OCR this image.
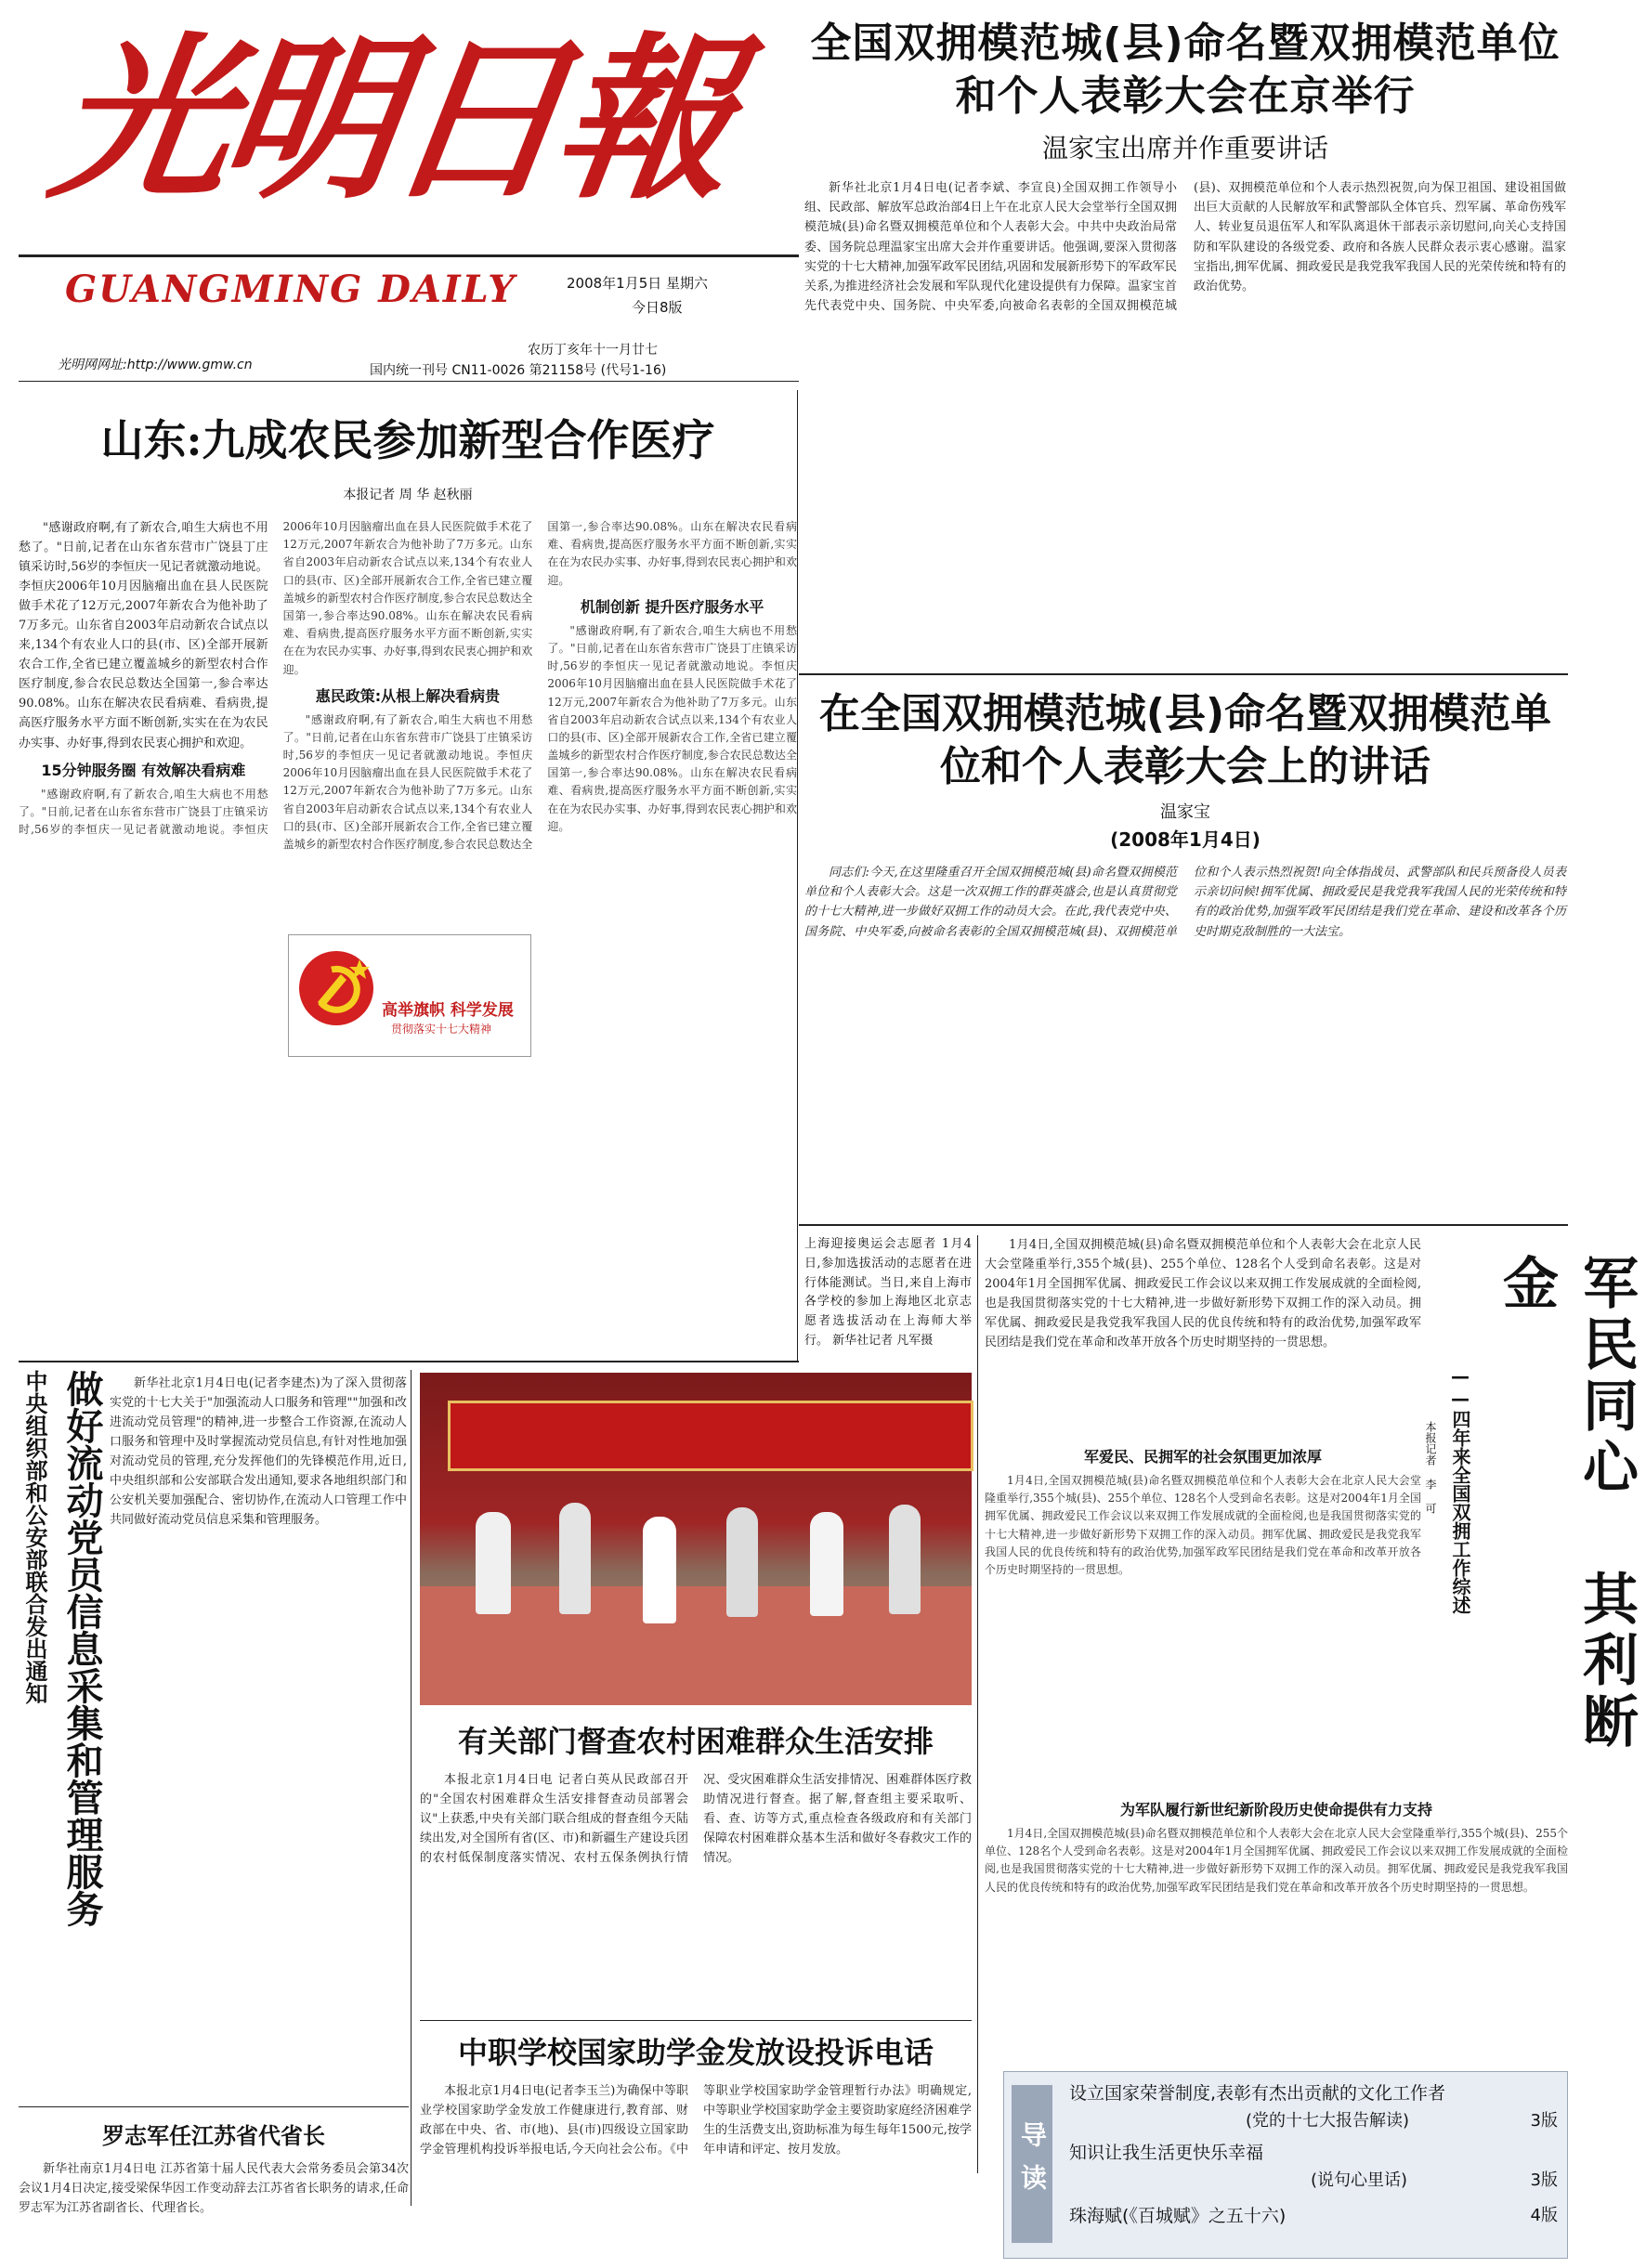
光明日報
GUANGMING DAILY	2008年1月5日 星期六
今日8版
光明网网址:http://www.gmw.cn
农历丁亥年十一月廿七
国内统一刊号 CN11-0026 第21158号 (代号1-16)
全国双拥模范城(县)命名暨双拥模范单位和个人表彰大会在京举行
温家宝出席并作重要讲话
新华社北京1月4日电(记者李斌、李宣良)全国双拥工作领导小组、民政部、解放军总政治部4日上午在北京人民大会堂举行全国双拥模范城(县)命名暨双拥模范单位和个人表彰大会。中共中央政治局常委、国务院总理温家宝出席大会并作重要讲话。他强调,要深入贯彻落实党的十七大精神,加强军政军民团结,巩固和发展新形势下的军政军民关系,为推进经济社会发展和军队现代化建设提供有力保障。温家宝首先代表党中央、国务院、中央军委,向被命名表彰的全国双拥模范城(县)、双拥模范单位和个人表示热烈祝贺,向为保卫祖国、建设祖国做出巨大贡献的人民解放军和武警部队全体官兵、烈军属、革命伤残军人、转业复员退伍军人和军队离退休干部表示亲切慰问,向关心支持国防和军队建设的各级党委、政府和各族人民群众表示衷心感谢。温家宝指出,拥军优属、拥政爱民是我党我军我国人民的光荣传统和特有的政治优势。
山东:九成农民参加新型合作医疗
本报记者 周 华 赵秋丽
"感谢政府啊,有了新农合,咱生大病也不用愁了。"日前,记者在山东省东营市广饶县丁庄镇采访时,56岁的李恒庆一见记者就激动地说。李恒庆2006年10月因脑瘤出血在县人民医院做手术花了12万元,2007年新农合为他补助了7万多元。山东省自2003年启动新农合试点以来,134个有农业人口的县(市、区)全部开展新农合工作,全省已建立覆盖城乡的新型农村合作医疗制度,参合农民总数达全国第一,参合率达90.08%。山东在解决农民看病难、看病贵,提高医疗服务水平方面不断创新,实实在在为农民办实事、办好事,得到农民衷心拥护和欢迎。
15分钟服务圈 有效解决看病难
"感谢政府啊,有了新农合,咱生大病也不用愁了。"日前,记者在山东省东营市广饶县丁庄镇采访时,56岁的李恒庆一见记者就激动地说。李恒庆2006年10月因脑瘤出血在县人民医院做手术花了12万元,2007年新农合为他补助了7万多元。山东省自2003年启动新农合试点以来,134个有农业人口的县(市、区)全部开展新农合工作,全省已建立覆盖城乡的新型农村合作医疗制度,参合农民总数达全国第一,参合率达90.08%。山东在解决农民看病难、看病贵,提高医疗服务水平方面不断创新,实实在在为农民办实事、办好事,得到农民衷心拥护和欢迎。
惠民政策:从根上解决看病贵
"感谢政府啊,有了新农合,咱生大病也不用愁了。"日前,记者在山东省东营市广饶县丁庄镇采访时,56岁的李恒庆一见记者就激动地说。李恒庆2006年10月因脑瘤出血在县人民医院做手术花了12万元,2007年新农合为他补助了7万多元。山东省自2003年启动新农合试点以来,134个有农业人口的县(市、区)全部开展新农合工作,全省已建立覆盖城乡的新型农村合作医疗制度,参合农民总数达全国第一,参合率达90.08%。山东在解决农民看病难、看病贵,提高医疗服务水平方面不断创新,实实在在为农民办实事、办好事,得到农民衷心拥护和欢迎。
机制创新 提升医疗服务水平
"感谢政府啊,有了新农合,咱生大病也不用愁了。"日前,记者在山东省东营市广饶县丁庄镇采访时,56岁的李恒庆一见记者就激动地说。李恒庆2006年10月因脑瘤出血在县人民医院做手术花了12万元,2007年新农合为他补助了7万多元。山东省自2003年启动新农合试点以来,134个有农业人口的县(市、区)全部开展新农合工作,全省已建立覆盖城乡的新型农村合作医疗制度,参合农民总数达全国第一,参合率达90.08%。山东在解决农民看病难、看病贵,提高医疗服务水平方面不断创新,实实在在为农民办实事、办好事,得到农民衷心拥护和欢迎。
高举旗帜 科学发展
贯彻落实十七大精神
在全国双拥模范城(县)命名暨双拥模范单位和个人表彰大会上的讲话
温家宝
(2008年1月4日)
同志们:今天,在这里隆重召开全国双拥模范城(县)命名暨双拥模范单位和个人表彰大会。这是一次双拥工作的群英盛会,也是认真贯彻党的十七大精神,进一步做好双拥工作的动员大会。在此,我代表党中央、国务院、中央军委,向被命名表彰的全国双拥模范城(县)、双拥模范单位和个人表示热烈祝贺!向全体指战员、武警部队和民兵预备役人员表示亲切问候!拥军优属、拥政爱民是我党我军我国人民的光荣传统和特有的政治优势,加强军政军民团结是我们党在革命、建设和改革各个历史时期克敌制胜的一大法宝。
上海迎接奥运会志愿者 1月4日,参加选拔活动的志愿者在进行体能测试。当日,来自上海市各学校的参加上海地区北京志愿者选拔活动在上海师大举行。 新华社记者 凡军摄
1月4日,全国双拥模范城(县)命名暨双拥模范单位和个人表彰大会在北京人民大会堂隆重举行,355个城(县)、255个单位、128名个人受到命名表彰。这是对2004年1月全国拥军优属、拥政爱民工作会议以来双拥工作发展成就的全面检阅,也是我国贯彻落实党的十七大精神,进一步做好新形势下双拥工作的深入动员。拥军优属、拥政爱民是我党我军我国人民的优良传统和特有的政治优势,加强军政军民团结是我们党在革命和改革开放各个历史时期坚持的一贯思想。	军民同心 其利断金
——四年来全国双拥工作综述
本报记者 李 可
军爱民、民拥军的社会氛围更加浓厚
1月4日,全国双拥模范城(县)命名暨双拥模范单位和个人表彰大会在北京人民大会堂隆重举行,355个城(县)、255个单位、128名个人受到命名表彰。这是对2004年1月全国拥军优属、拥政爱民工作会议以来双拥工作发展成就的全面检阅,也是我国贯彻落实党的十七大精神,进一步做好新形势下双拥工作的深入动员。拥军优属、拥政爱民是我党我军我国人民的优良传统和特有的政治优势,加强军政军民团结是我们党在革命和改革开放各个历史时期坚持的一贯思想。
为军队履行新世纪新阶段历史使命提供有力支持
1月4日,全国双拥模范城(县)命名暨双拥模范单位和个人表彰大会在北京人民大会堂隆重举行,355个城(县)、255个单位、128名个人受到命名表彰。这是对2004年1月全国拥军优属、拥政爱民工作会议以来双拥工作发展成就的全面检阅,也是我国贯彻落实党的十七大精神,进一步做好新形势下双拥工作的深入动员。拥军优属、拥政爱民是我党我军我国人民的优良传统和特有的政治优势,加强军政军民团结是我们党在革命和改革开放各个历史时期坚持的一贯思想。
中央组织部和公安部联合发出通知 做好流动党员信息采集和管理服务	新华社北京1月4日电(记者李建杰)为了深入贯彻落实党的十七大关于"加强流动人口服务和管理""加强和改进流动党员管理"的精神,进一步整合工作资源,在流动人口服务和管理中及时掌握流动党员信息,有针对性地加强对流动党员的管理,充分发挥他们的先锋模范作用,近日,中央组织部和公安部联合发出通知,要求各地组织部门和公安机关要加强配合、密切协作,在流动人口管理工作中共同做好流动党员信息采集和管理服务。
有关部门督查农村困难群众生活安排
本报北京1月4日电 记者白英从民政部召开的"全国农村困难群众生活安排督查动员部署会议"上获悉,中央有关部门联合组成的督查组今天陆续出发,对全国所有省(区、市)和新疆生产建设兵团的农村低保制度落实情况、农村五保条例执行情况、受灾困难群众生活安排情况、困难群体医疗救助情况进行督查。据了解,督查组主要采取听、看、查、访等方式,重点检查各级政府和有关部门保障农村困难群众基本生活和做好冬春救灾工作的情况。
中职学校国家助学金发放设投诉电话
本报北京1月4日电(记者李玉兰)为确保中等职业学校国家助学金发放工作健康进行,教育部、财政部在中央、省、市(地)、县(市)四级设立国家助学金管理机构投诉举报电话,今天向社会公布。《中等职业学校国家助学金管理暂行办法》明确规定,中等职业学校国家助学金主要资助家庭经济困难学生的生活费支出,资助标准为每生每年1500元,按学年申请和评定、按月发放。
罗志军任江苏省代省长
新华社南京1月4日电 江苏省第十届人民代表大会常务委员会第34次会议1月4日决定,接受梁保华因工作变动辞去江苏省省长职务的请求,任命罗志军为江苏省副省长、代理省长。
导读
设立国家荣誉制度,表彰有杰出贡献的文化工作者
(党的十七大报告解读)	3版
知识让我生活更快乐幸福
(说句心里话)	3版
珠海赋(《百城赋》之五十六)	4版
